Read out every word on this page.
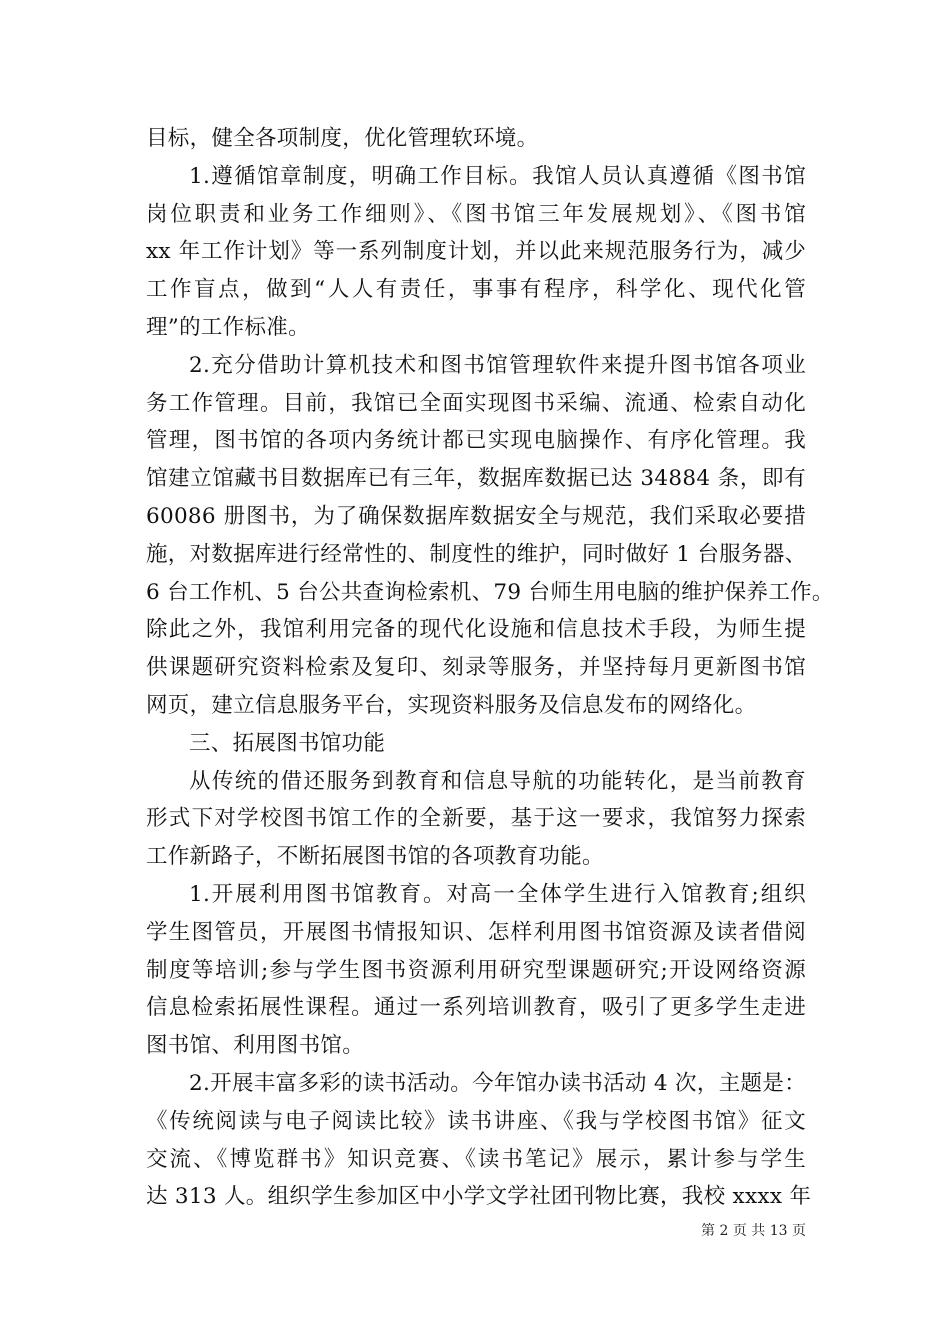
目标，健全各项制度，优化管理软环境。
1.遵循馆章制度，明确工作目标。我馆人员认真遵循《图书馆
岗位职责和业务工作细则》、《图书馆三年发展规划》、《图书馆
xx 年工作计划》等一系列制度计划，并以此来规范服务行为，减少
工作盲点，做到“人人有责任，事事有程序，科学化、现代化管
理”的工作标准。
2.充分借助计算机技术和图书馆管理软件来提升图书馆各项业
务工作管理。目前，我馆已全面实现图书采编、流通、检索自动化
管理，图书馆的各项内务统计都已实现电脑操作、有序化管理。我
馆建立馆藏书目数据库已有三年，数据库数据已达 34884 条，即有
60086 册图书，为了确保数据库数据安全与规范，我们采取必要措
施，对数据库进行经常性的、制度性的维护，同时做好 1 台服务器、
6 台工作机、5 台公共查询检索机、79 台师生用电脑的维护保养工作。
除此之外，我馆利用完备的现代化设施和信息技术手段，为师生提
供课题研究资料检索及复印、刻录等服务，并坚持每月更新图书馆
网页，建立信息服务平台，实现资料服务及信息发布的网络化。
三、拓展图书馆功能
从传统的借还服务到教育和信息导航的功能转化，是当前教育
形式下对学校图书馆工作的全新要，基于这一要求，我馆努力探索
工作新路子，不断拓展图书馆的各项教育功能。
1.开展利用图书馆教育。对高一全体学生进行入馆教育;组织
学生图管员，开展图书情报知识、怎样利用图书馆资源及读者借阅
制度等培训;参与学生图书资源利用研究型课题研究;开设网络资源
信息检索拓展性课程。通过一系列培训教育，吸引了更多学生走进
图书馆、利用图书馆。
2.开展丰富多彩的读书活动。今年馆办读书活动 4 次，主题是：
《传统阅读与电子阅读比较》读书讲座、《我与学校图书馆》征文
交流、《博览群书》知识竞赛、《读书笔记》展示，累计参与学生
达 313 人。组织学生参加区中小学文学社团刊物比赛，我校 xxxx 年
第 2 页 共 13 页
